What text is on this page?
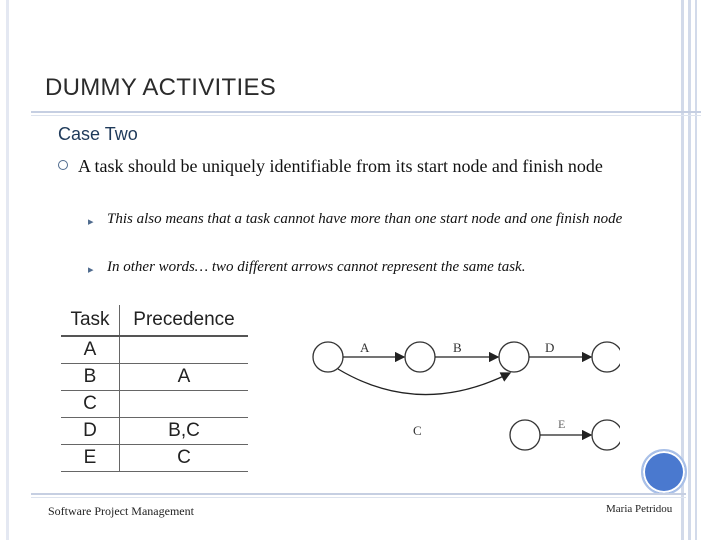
DUMMY ACTIVITIES
Case Two
A task should be uniquely identifiable from its start node and finish node
▸ This also means that a task cannot have more than one start node and one finish node
▸ In other words… two different arrows cannot represent the same task.
Task	Precedence
A	
B	A
C	
D	B,C
E	C
A	B	D
C	E
Software Project Management	Maria Petridou
